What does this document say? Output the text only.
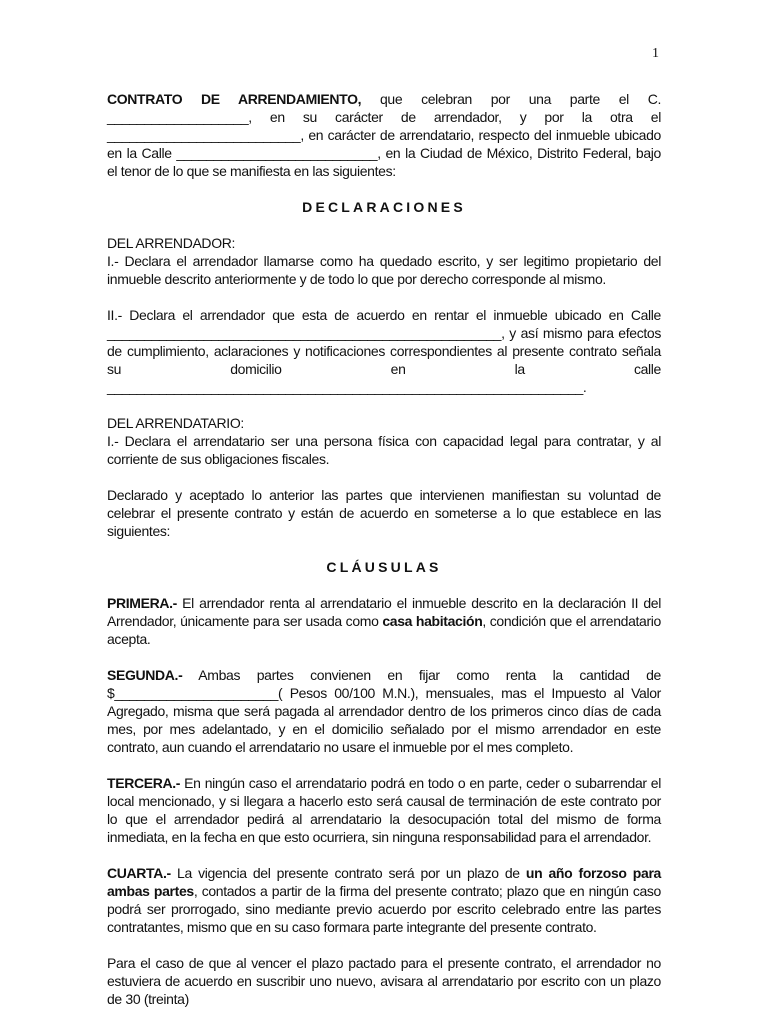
1

CONTRATO DE ARRENDAMIENTO, que celebran por una parte el C. ___________________, en su carácter de arrendador, y por la otra el __________________________, en carácter de arrendatario, respecto del inmueble ubicado en la Calle ___________________________, en la Ciudad de México, Distrito Federal, bajo el tenor de lo que se manifiesta en las siguientes:

DECLARACIONES

DEL ARRENDADOR:

I.- Declara el arrendador llamarse como ha quedado escrito, y ser legitimo propietario del inmueble descrito anteriormente y de todo lo que por derecho corresponde al mismo.

II.- Declara el arrendador que esta de acuerdo en rentar el inmueble ubicado en Calle _____________________________________________________, y así mismo para efectos de cumplimiento, aclaraciones y notificaciones correspondientes al presente contrato señala su domicilio en la calle ________________________________________________________________.

DEL ARRENDATARIO:

I.- Declara el arrendatario ser una persona física con capacidad legal para contratar, y al corriente de sus obligaciones fiscales.

Declarado y aceptado lo anterior las partes que intervienen manifiestan su voluntad de celebrar el presente contrato y están de acuerdo en someterse a lo que establece en las siguientes:

CLÁUSULAS

PRIMERA.- El arrendador renta al arrendatario el inmueble descrito en la declaración II del Arrendador, únicamente para ser usada como casa habitación, condición que el arrendatario acepta.

SEGUNDA.- Ambas partes convienen en fijar como renta la cantidad de $______________________( Pesos 00/100 M.N.), mensuales, mas el Impuesto al Valor Agregado, misma que será pagada al arrendador dentro de los primeros cinco días de cada mes, por mes adelantado, y en el domicilio señalado por el mismo arrendador en este contrato, aun cuando el arrendatario no usare el inmueble por el mes completo.

TERCERA.- En ningún caso el arrendatario podrá en todo o en parte, ceder o subarrendar el local mencionado, y si llegara a hacerlo esto será causal de terminación de este contrato por lo que el arrendador pedirá al arrendatario la desocupación total del mismo de forma inmediata, en la fecha en que esto ocurriera, sin ninguna responsabilidad para el arrendador.

CUARTA.- La vigencia del presente contrato será por un plazo de un año forzoso para ambas partes, contados a partir de la firma del presente contrato; plazo que en ningún caso podrá ser prorrogado, sino mediante previo acuerdo por escrito celebrado entre las partes contratantes, mismo que en su caso formara parte integrante del presente contrato.

Para el caso de que al vencer el plazo pactado para el presente contrato, el arrendador no estuviera de acuerdo en suscribir uno nuevo, avisara al arrendatario por escrito con un plazo de 30 (treinta)
